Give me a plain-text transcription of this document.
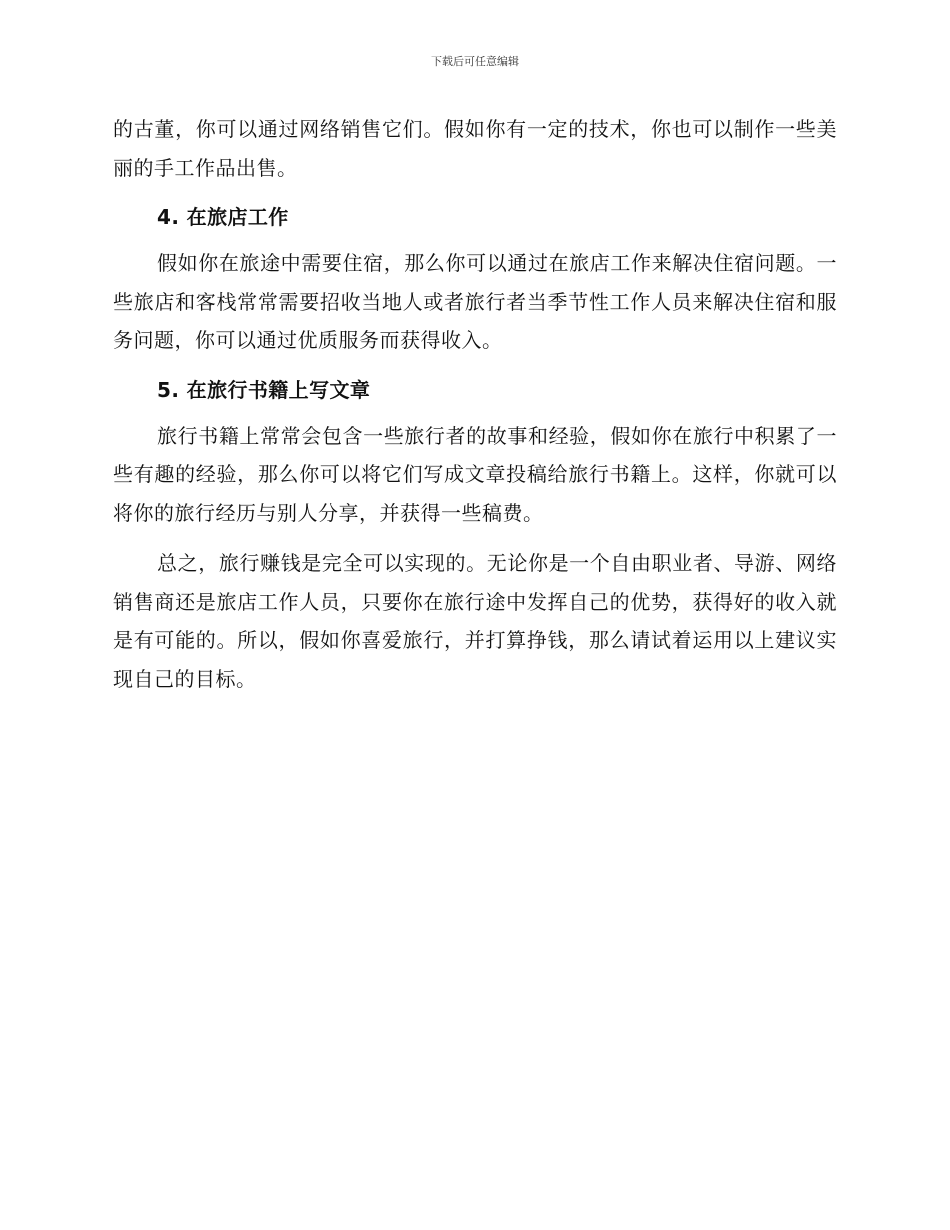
下载后可任意编辑

的古董，你可以通过网络销售它们。假如你有一定的技术，你也可以制作一些美丽的手工作品出售。

4. 在旅店工作

假如你在旅途中需要住宿，那么你可以通过在旅店工作来解决住宿问题。一些旅店和客栈常常需要招收当地人或者旅行者当季节性工作人员来解决住宿和服务问题，你可以通过优质服务而获得收入。

5. 在旅行书籍上写文章

旅行书籍上常常会包含一些旅行者的故事和经验，假如你在旅行中积累了一些有趣的经验，那么你可以将它们写成文章投稿给旅行书籍上。这样，你就可以将你的旅行经历与别人分享，并获得一些稿费。

总之，旅行赚钱是完全可以实现的。无论你是一个自由职业者、导游、网络销售商还是旅店工作人员，只要你在旅行途中发挥自己的优势，获得好的收入就是有可能的。所以，假如你喜爱旅行，并打算挣钱，那么请试着运用以上建议实现自己的目标。
